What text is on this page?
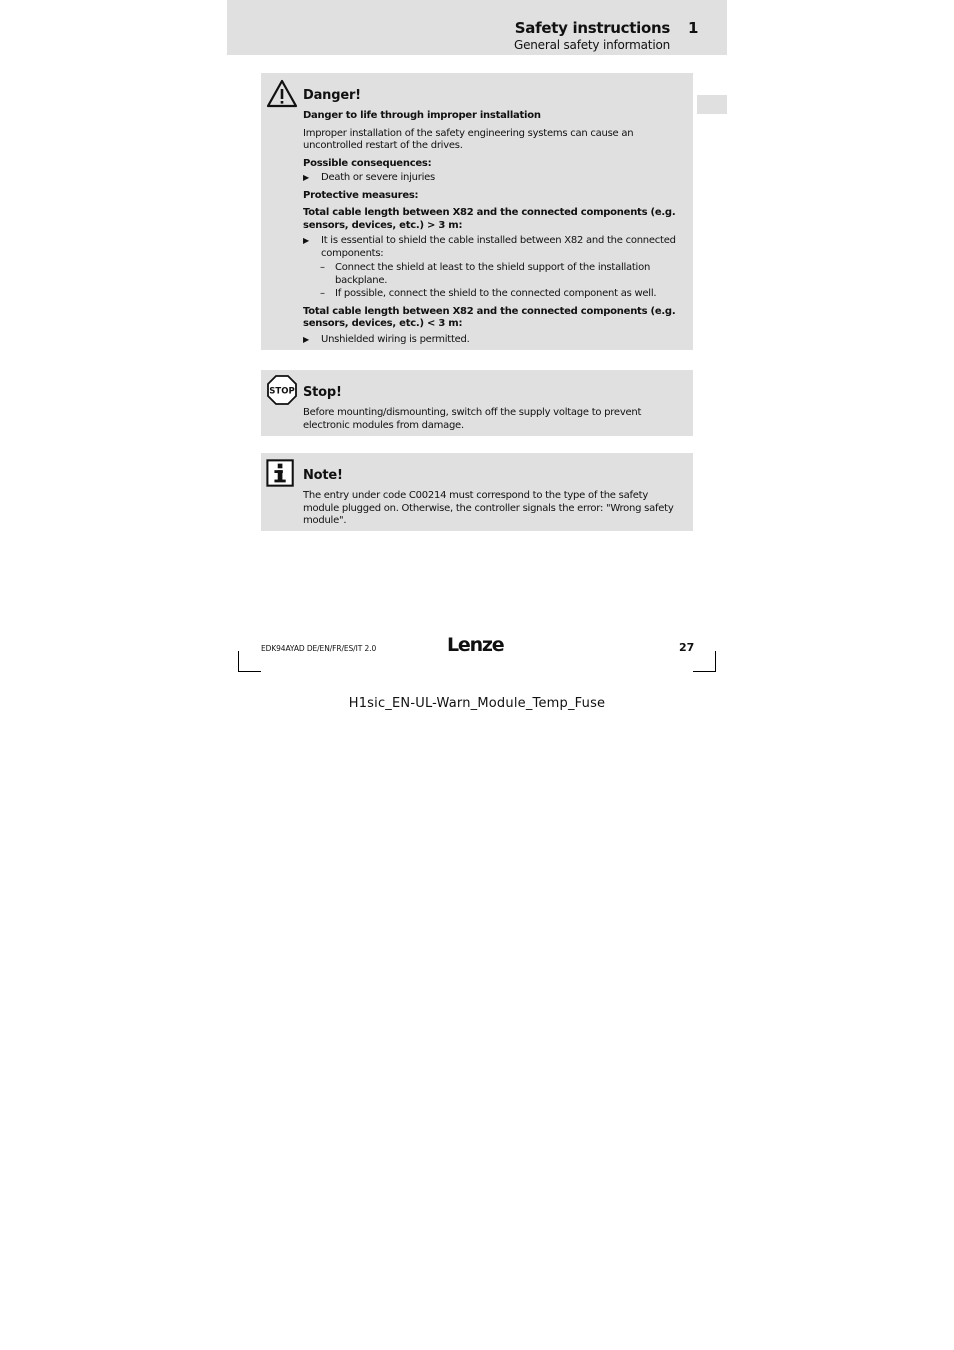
Safety instructions 1
General safety information
Danger!
Danger to life through improper installation
Improper installation of the safety engineering systems can cause an uncontrolled restart of the drives.
Possible consequences:
▶ Death or severe injuries
Protective measures:
Total cable length between X82 and the connected components (e.g. sensors, devices, etc.) > 3 m:
▶ It is essential to shield the cable installed between X82 and the connected components:
– Connect the shield at least to the shield support of the installation backplane.
– If possible, connect the shield to the connected component as well.
Total cable length between X82 and the connected components (e.g. sensors, devices, etc.) < 3 m:
▶ Unshielded wiring is permitted.
STOP Stop!
Before mounting/dismounting, switch off the supply voltage to prevent electronic modules from damage.
Note!
The entry under code C00214 must correspond to the type of the safety module plugged on. Otherwise, the controller signals the error: "Wrong safety module".
EDK94AYAD DE/EN/FR/ES/IT 2.0	Lenze	27
H1sic_EN-UL-Warn_Module_Temp_Fuse
